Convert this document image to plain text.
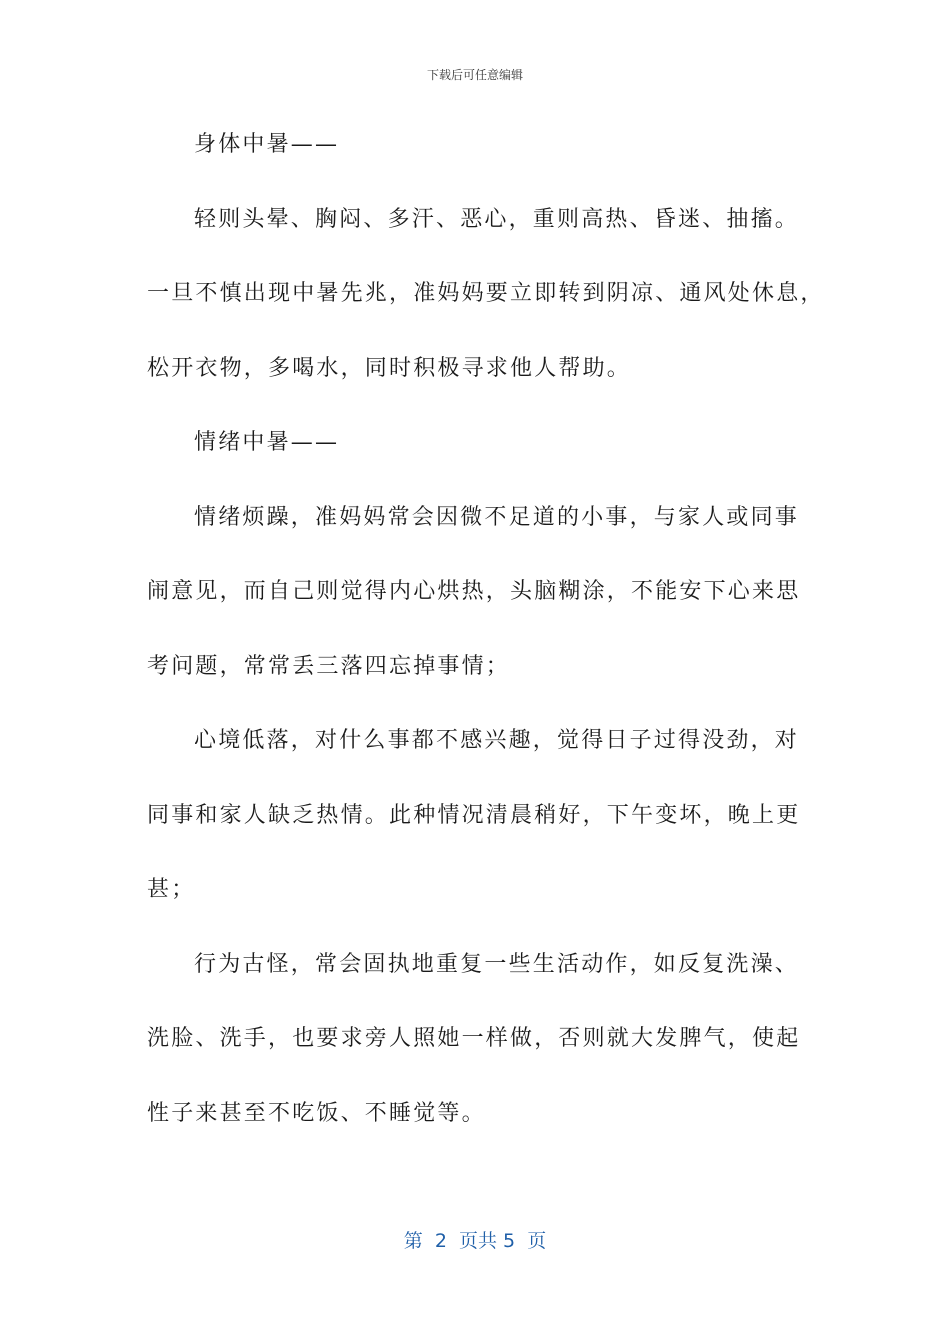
下载后可任意编辑
身体中暑——
轻则头晕、胸闷、多汗、恶心，重则高热、昏迷、抽搐。
一旦不慎出现中暑先兆，准妈妈要立即转到阴凉、通风处休息，
松开衣物，多喝水，同时积极寻求他人帮助。
情绪中暑——
情绪烦躁，准妈妈常会因微不足道的小事，与家人或同事
闹意见，而自己则觉得内心烘热，头脑糊涂，不能安下心来思
考问题，常常丢三落四忘掉事情；
心境低落，对什么事都不感兴趣，觉得日子过得没劲，对
同事和家人缺乏热情。此种情况清晨稍好，下午变坏，晚上更
甚；
行为古怪，常会固执地重复一些生活动作，如反复洗澡、
洗脸、洗手，也要求旁人照她一样做，否则就大发脾气，使起
性子来甚至不吃饭、不睡觉等。
第  2  页共 5  页
